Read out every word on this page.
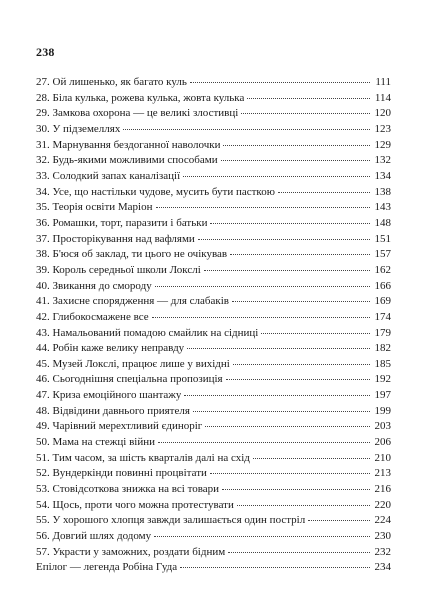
238
27. Ой лишенько, як багато куль	111
28. Біла кулька, рожева кулька, жовта кулька	114
29. Замкова охорона — це великі злостивці	120
30. У підземеллях	123
31. Марнування бездоганної наволочки	129
32. Будь-якими можливими способами	132
33. Солодкий запах каналізації	134
34. Усе, що настільки чудове, мусить бути пасткою	138
35. Теорія освіти Маріон	143
36. Ромашки, торт, паразити і батьки	148
37. Просторікування над вафлями	151
38. Б'юся об заклад, ти цього не очікував	157
39. Король середньої школи Локслі	162
40. Звикання до смороду	166
41. Захисне спорядження — для слабаків	169
42. Глибокосмажене все	174
43. Намальований помадою смайлик на сідниці	179
44. Робін каже велику неправду	182
45. Музей Локслі, працює лише у вихідні	185
46. Сьогоднішня спеціальна пропозиція	192
47. Криза емоційного шантажу	197
48. Відвідини давнього приятеля	199
49. Чарівний мерехтливий єдиноріг	203
50. Мама на стежці війни	206
51. Тим часом, за шість кварталів далі на схід	210
52. Вундеркінди повинні процвітати	213
53. Стовідсоткова знижка на всі товари	216
54. Щось, проти чого можна протестувати	220
55. У хорошого хлопця завжди залишається один постріл	224
56. Довгий шлях додому	230
57. Украсти у заможних, роздати бідним	232
Епілог — легенда Робіна Гуда	234
